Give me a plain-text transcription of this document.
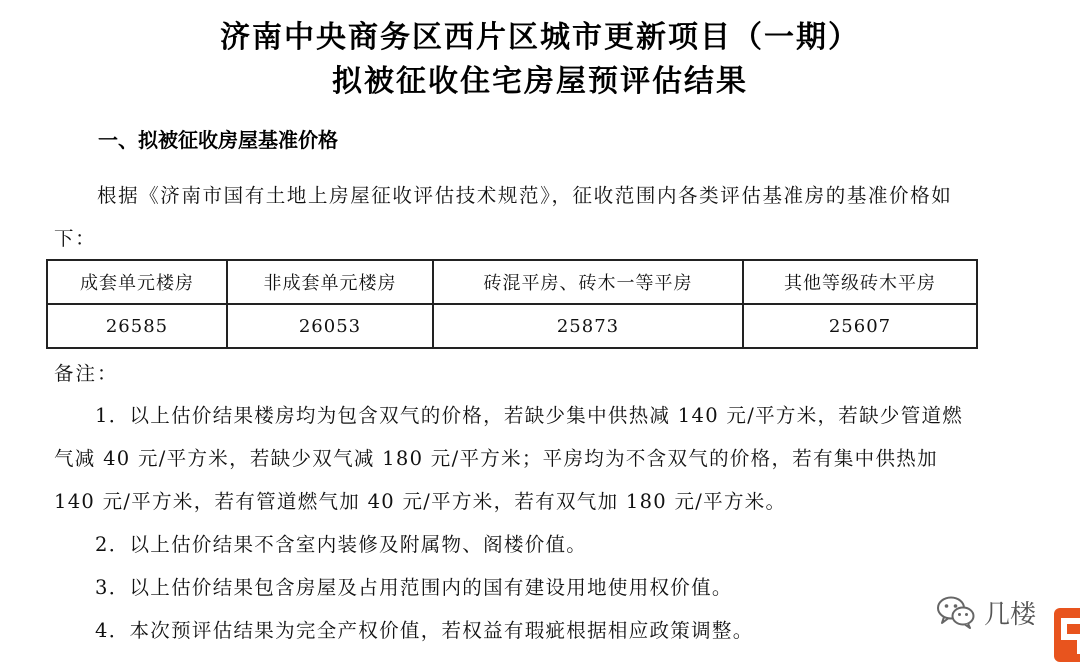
济南中央商务区西片区城市更新项目（一期）
拟被征收住宅房屋预评估结果
一、拟被征收房屋基准价格
根据《济南市国有土地上房屋征收评估技术规范》，征收范围内各类评估基准房的基准价格如下：
成套单元楼房	非成套单元楼房	砖混平房、砖木一等平房	其他等级砖木平房
26585	26053	25873	25607
备注：
1．以上估价结果楼房均为包含双气的价格，若缺少集中供热减 140 元/平方米，若缺少管道燃气减 40 元/平方米，若缺少双气减 180 元/平方米；平房均为不含双气的价格，若有集中供热加 140 元/平方米，若有管道燃气加 40 元/平方米，若有双气加 180 元/平方米。
2．以上估价结果不含室内装修及附属物、阁楼价值。
3．以上估价结果包含房屋及占用范围内的国有建设用地使用权价值。
4．本次预评估结果为完全产权价值，若权益有瑕疵根据相应政策调整。
几楼
